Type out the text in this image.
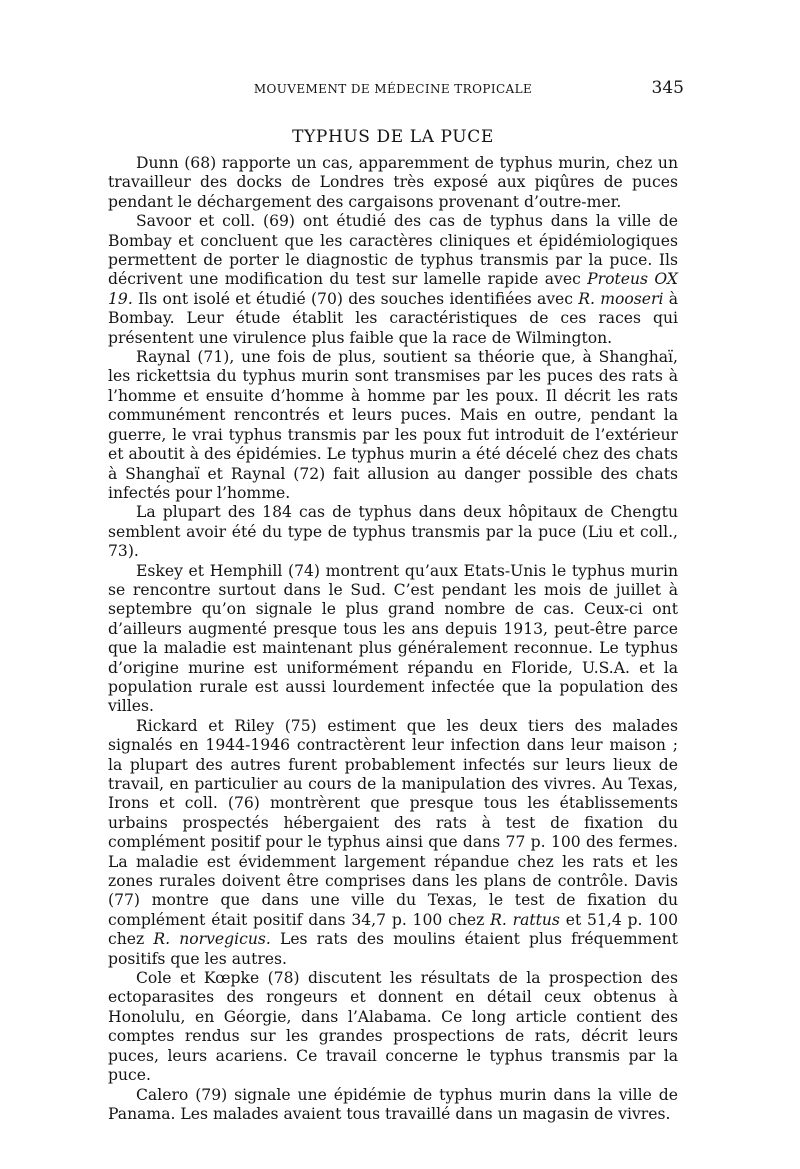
MOUVEMENT DE MÉDECINE TROPICALE	345
TYPHUS DE LA PUCE

Dunn (68) rapporte un cas, apparemment de typhus murin, chez un travailleur des docks de Londres très exposé aux piqûres de puces pendant le déchargement des cargaisons provenant d’outre-mer.

Savoor et coll. (69) ont étudié des cas de typhus dans la ville de Bombay et concluent que les caractères cliniques et épidémiologiques permettent de porter le diagnostic de typhus transmis par la puce. Ils décrivent une modification du test sur lamelle rapide avec Proteus OX 19. Ils ont isolé et étudié (70) des souches identifiées avec R. mooseri à Bombay. Leur étude établit les caractéristiques de ces races qui présentent une virulence plus faible que la race de Wilmington.

Raynal (71), une fois de plus, soutient sa théorie que, à Shanghaï, les rickettsia du typhus murin sont transmises par les puces des rats à l’homme et ensuite d’homme à homme par les poux. Il décrit les rats communément rencontrés et leurs puces. Mais en outre, pendant la guerre, le vrai typhus transmis par les poux fut introduit de l’extérieur et aboutit à des épidémies. Le typhus murin a été décelé chez des chats à Shanghaï et Raynal (72) fait allusion au danger possible des chats infectés pour l’homme.

La plupart des 184 cas de typhus dans deux hôpitaux de Chengtu semblent avoir été du type de typhus transmis par la puce (Liu et coll., 73).

Eskey et Hemphill (74) montrent qu’aux Etats-Unis le typhus murin se rencontre surtout dans le Sud. C’est pendant les mois de juillet à septembre qu’on signale le plus grand nombre de cas. Ceux-ci ont d’ailleurs augmenté presque tous les ans depuis 1913, peut-être parce que la maladie est maintenant plus généralement reconnue. Le typhus d’origine murine est uniformément répandu en Floride, U.S.A. et la population rurale est aussi lourdement infectée que la population des villes.

Rickard et Riley (75) estiment que les deux tiers des malades signalés en 1944-1946 contractèrent leur infection dans leur maison ; la plupart des autres furent probablement infectés sur leurs lieux de travail, en particulier au cours de la manipulation des vivres. Au Texas, Irons et coll. (76) montrèrent que presque tous les établissements urbains prospectés hébergaient des rats à test de fixation du complément positif pour le typhus ainsi que dans 77 p. 100 des fermes. La maladie est évidemment largement répandue chez les rats et les zones rurales doivent être comprises dans les plans de contrôle. Davis (77) montre que dans une ville du Texas, le test de fixation du complément était positif dans 34,7 p. 100 chez R. rattus et 51,4 p. 100 chez R. norvegicus. Les rats des moulins étaient plus fréquemment positifs que les autres.

Cole et Kœpke (78) discutent les résultats de la prospection des ectoparasites des rongeurs et donnent en détail ceux obtenus à Honolulu, en Géorgie, dans l’Alabama. Ce long article contient des comptes rendus sur les grandes prospections de rats, décrit leurs puces, leurs acariens. Ce travail concerne le typhus transmis par la puce.

Calero (79) signale une épidémie de typhus murin dans la ville de Panama. Les malades avaient tous travaillé dans un magasin de vivres.
